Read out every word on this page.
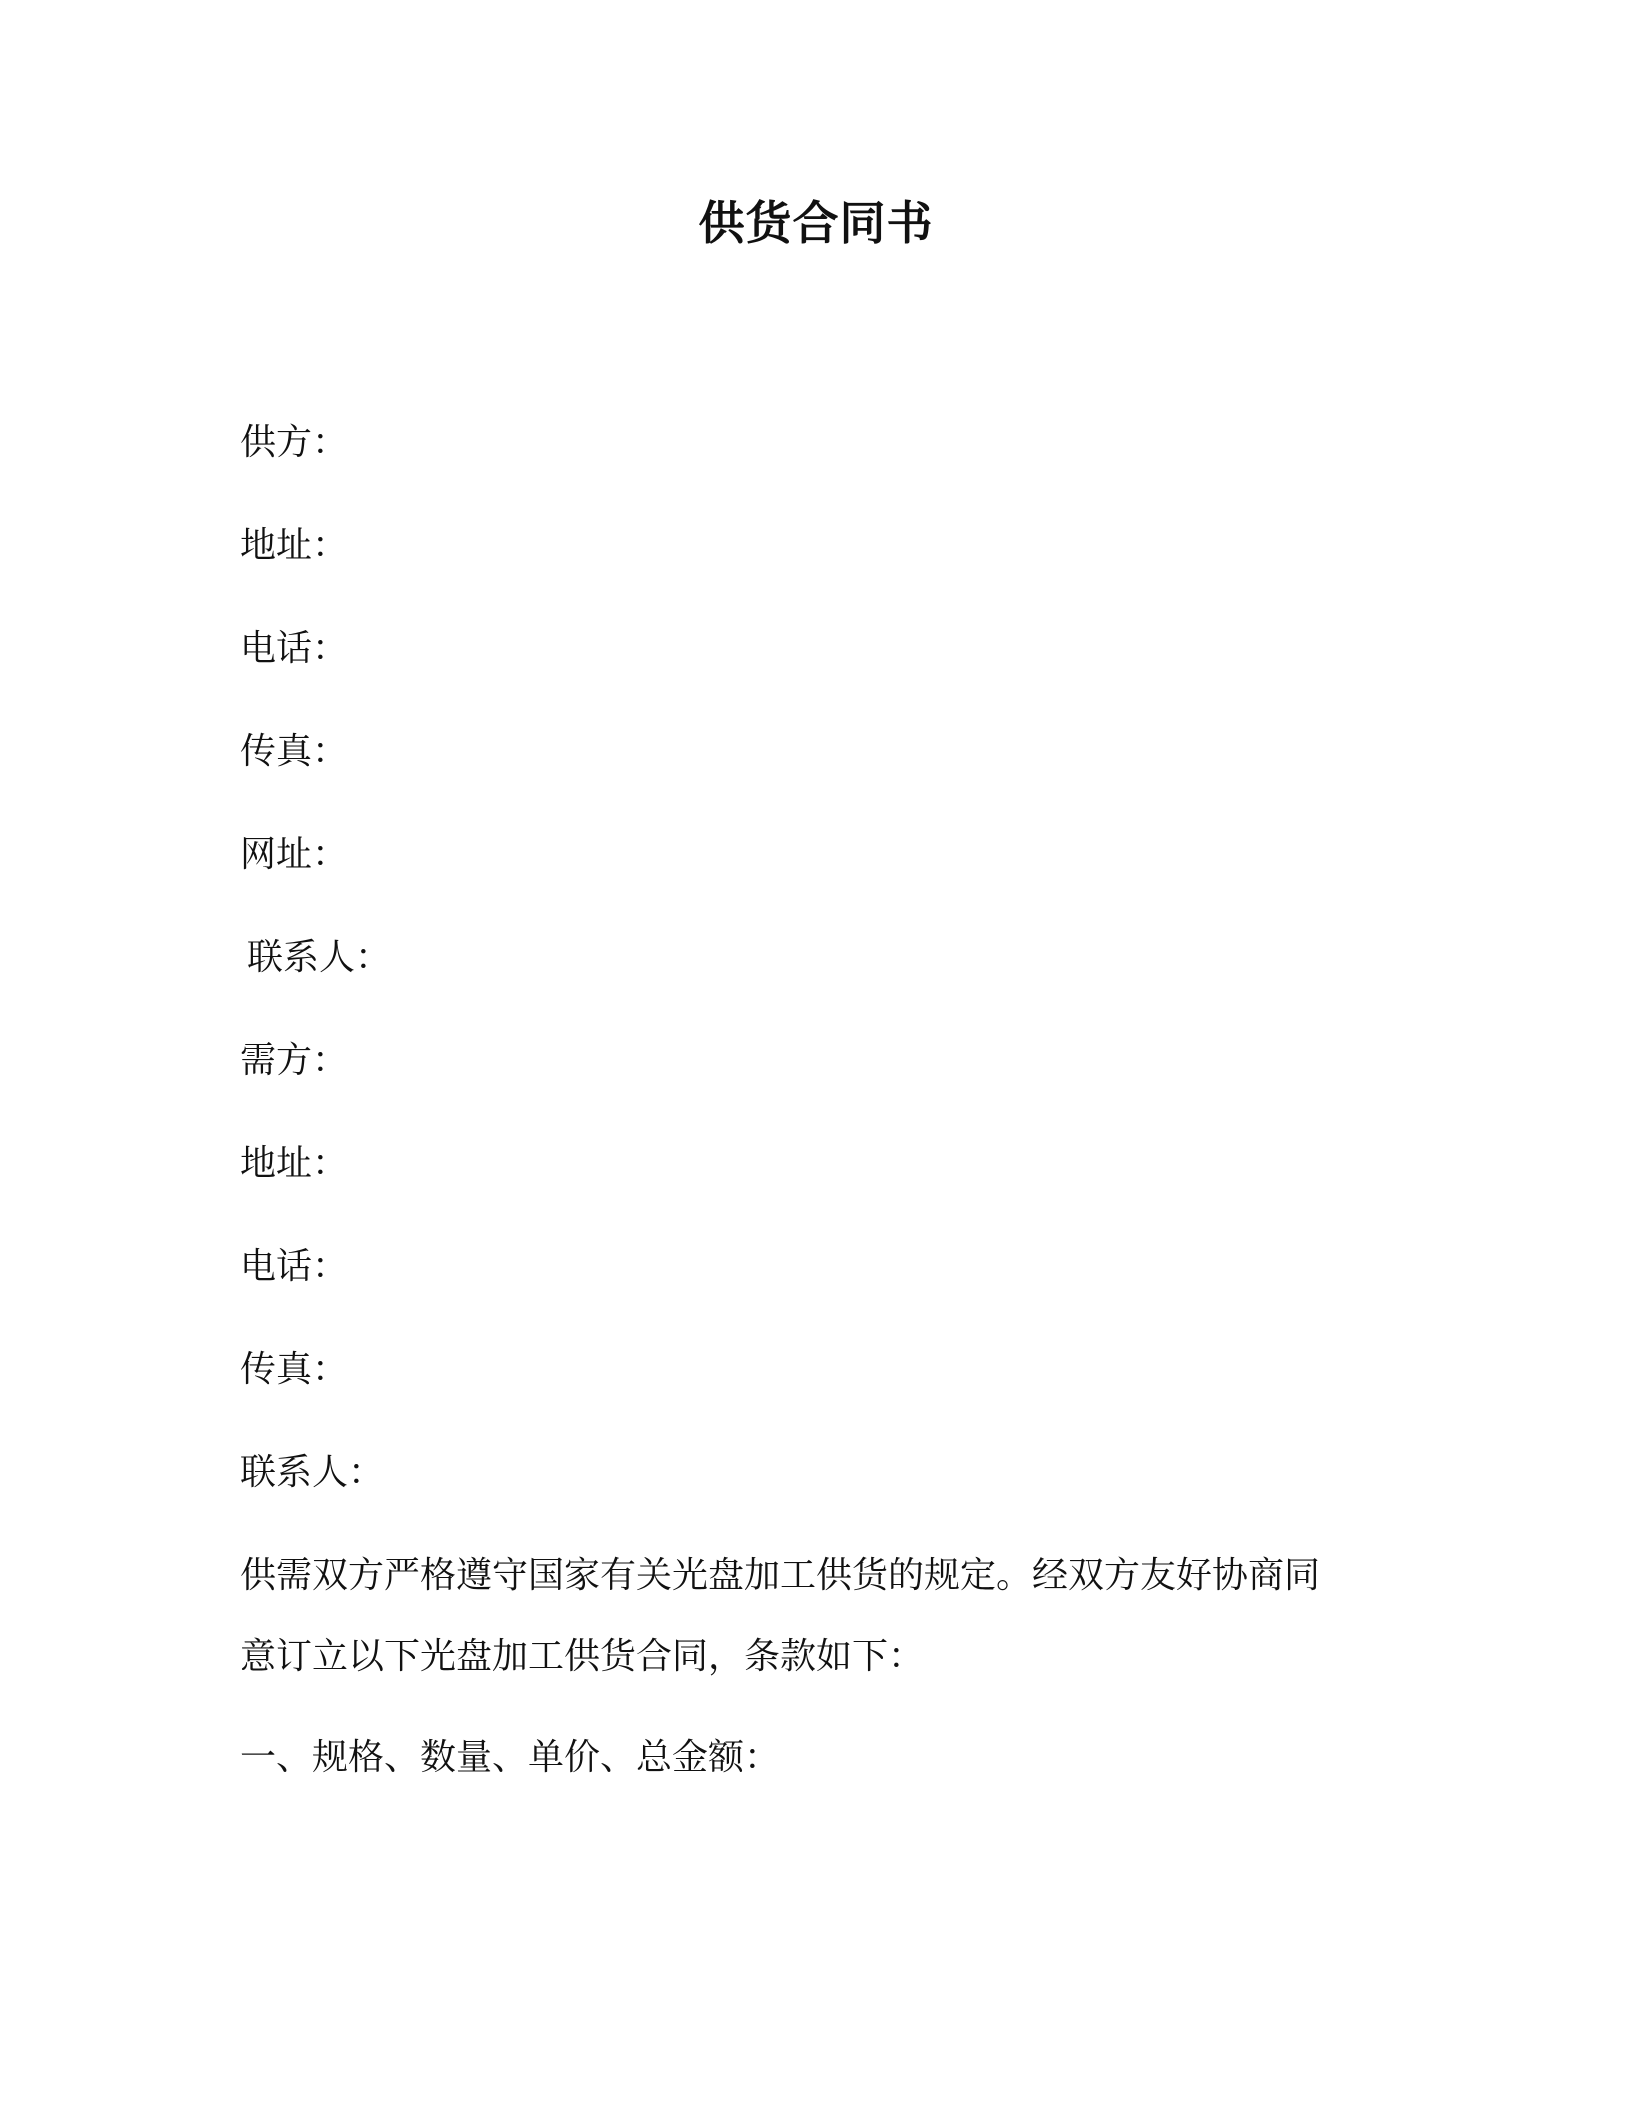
供货合同书
供方：
地址：
电话：
传真：
网址：
联系人：
需方：
地址：
电话：
传真：
联系人：
供需双方严格遵守国家有关光盘加工供货的规定。经双方友好协商同
意订立以下光盘加工供货合同，条款如下：
一、规格、数量、单价、总金额：
